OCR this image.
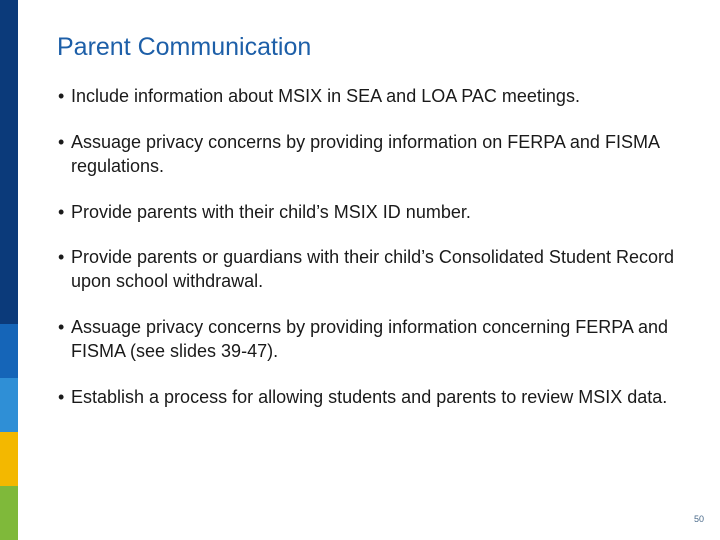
Parent Communication
• Include information about MSIX in SEA and LOA PAC meetings.
• Assuage privacy concerns by providing information on FERPA and FISMA regulations.
• Provide parents with their child’s MSIX ID number.
• Provide parents or guardians with their child’s Consolidated Student Record upon school withdrawal.
• Assuage privacy concerns by providing information concerning FERPA and FISMA (see slides 39-47).
• Establish a process for allowing students and parents to review MSIX data.
50
